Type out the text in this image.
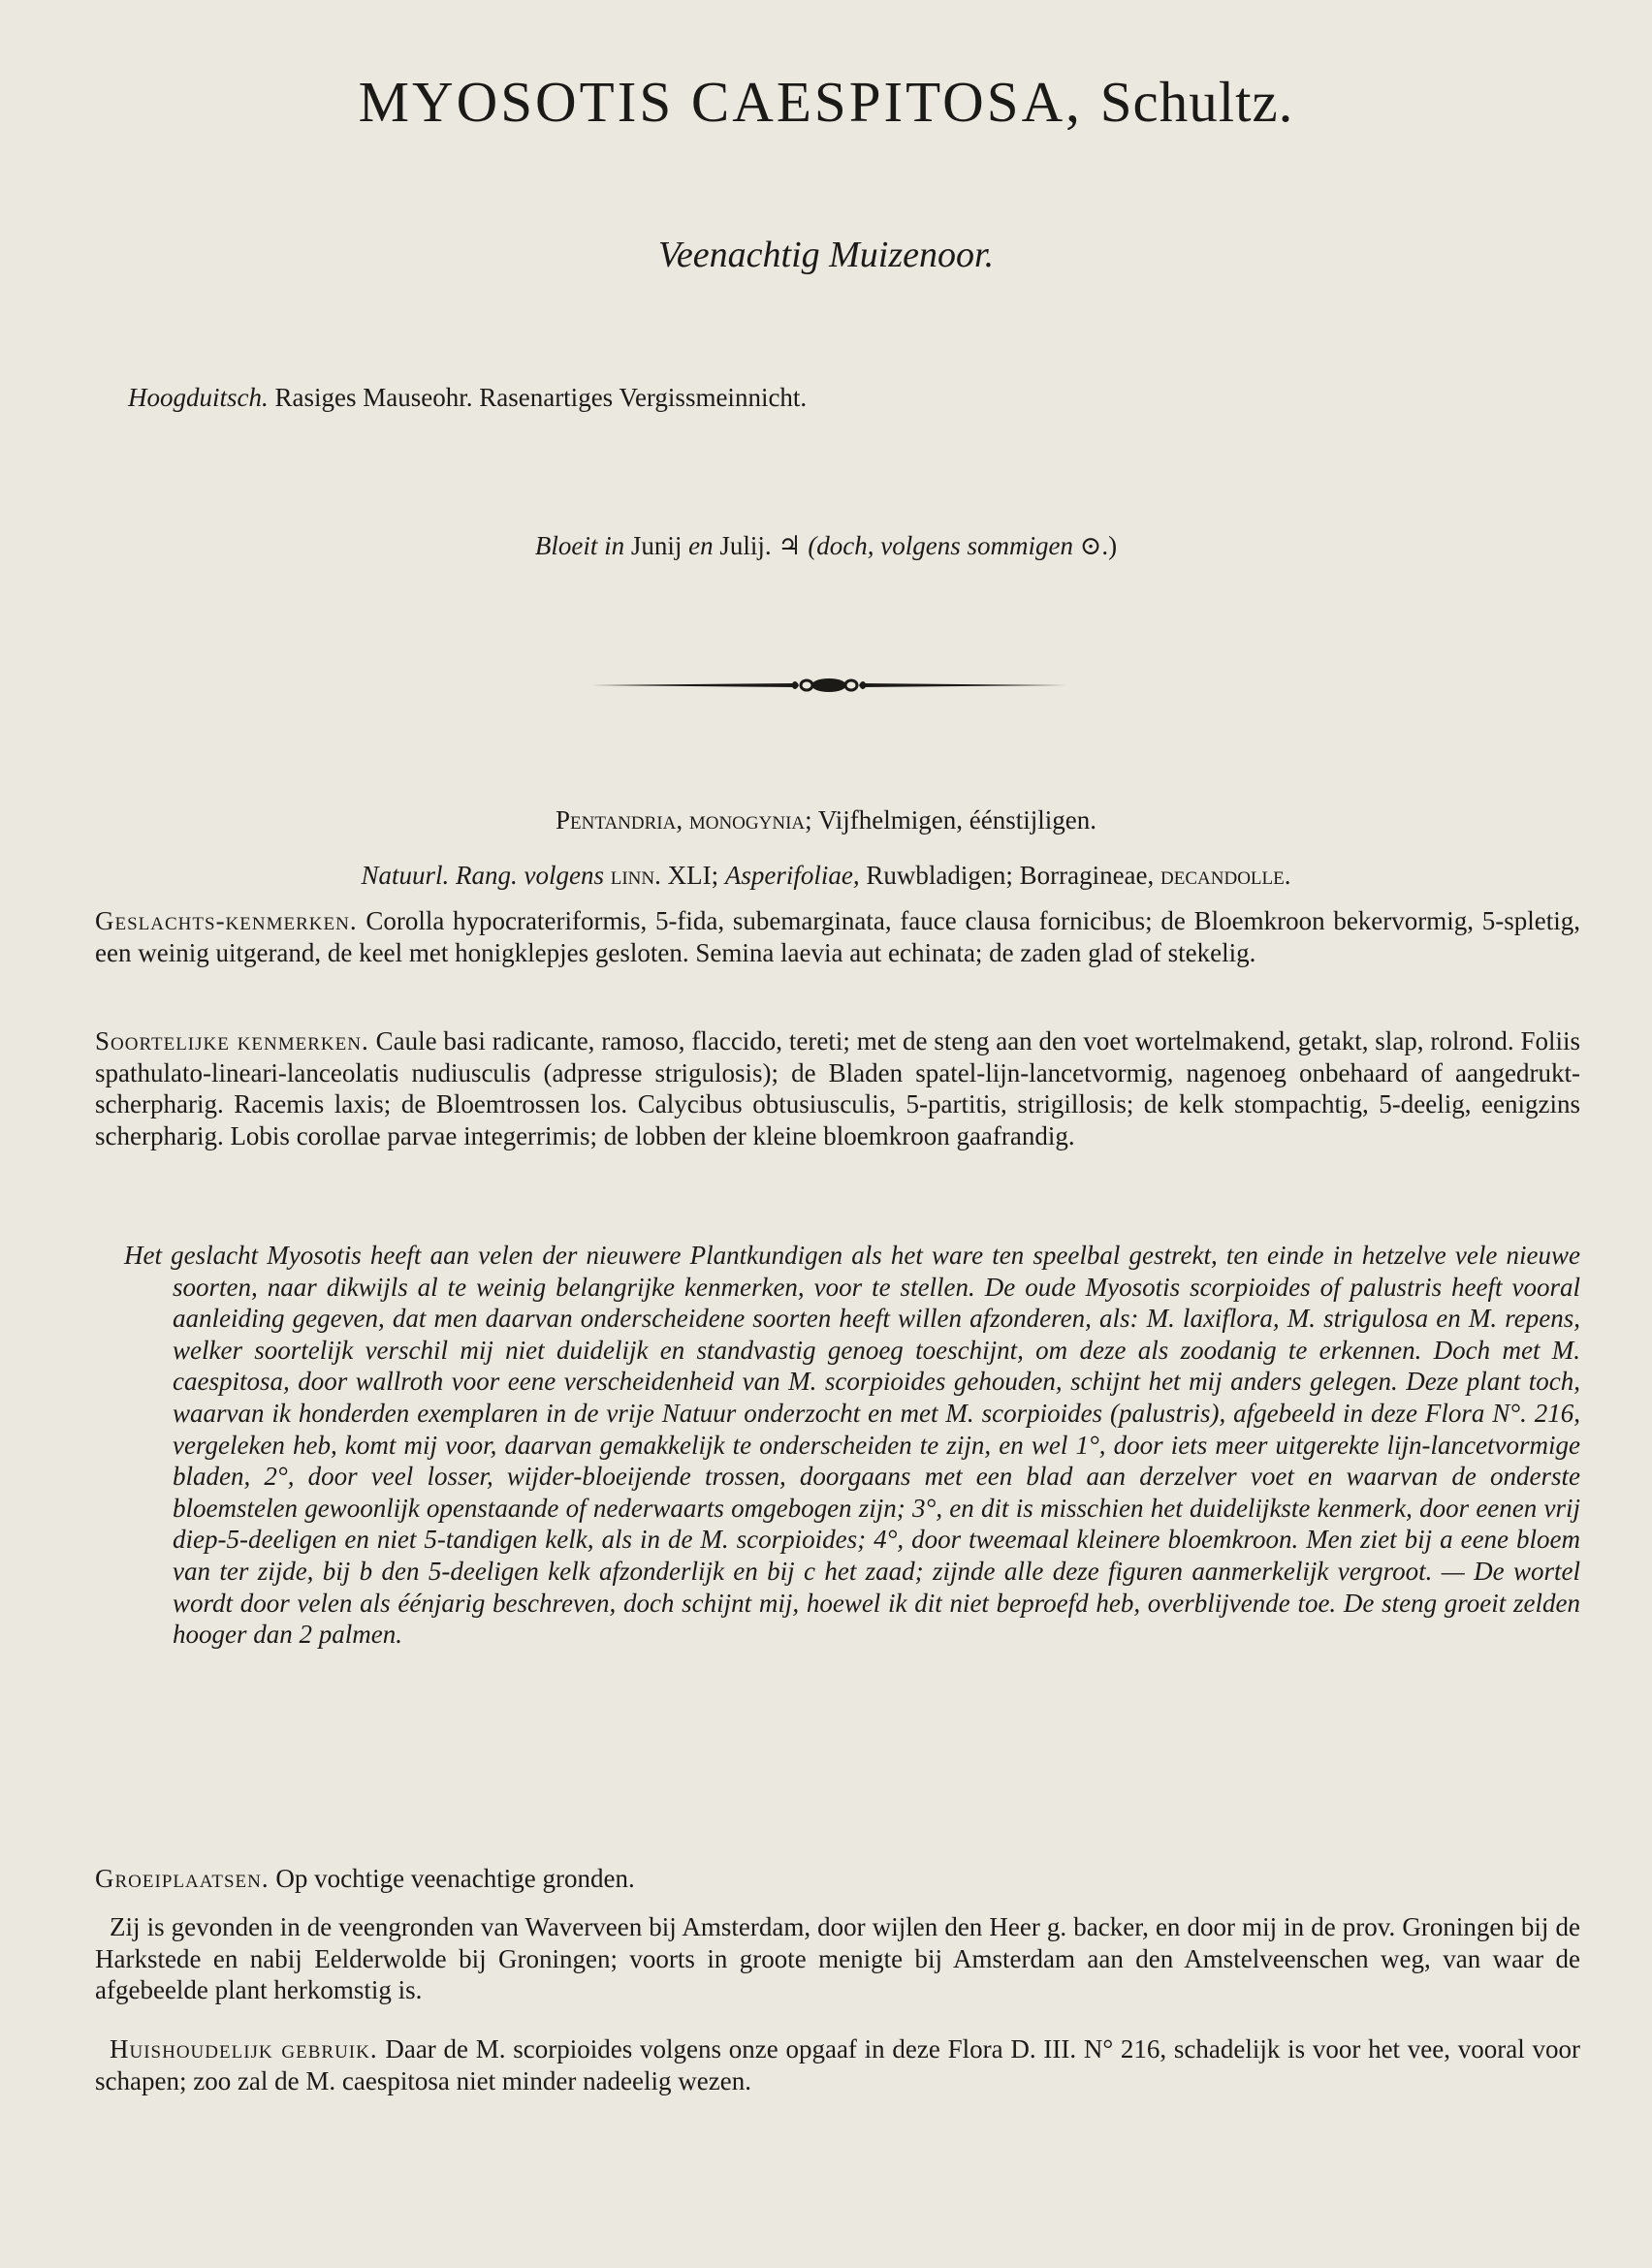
MYOSOTIS CAESPITOSA, Schultz.
Veenachtig Muizenoor.
Hoogduitsch. Rasiges Mauseohr. Rasenartiges Vergissmeinnicht.
Bloeit in Junij en Julij. ♃ (doch, volgens sommigen ⊙.)
Pentandria, monogynia; Vijfhelmigen, éénstijligen.
Natuurl. Rang. volgens linn. XLI; Asperifoliae, Ruwbladigen; Borragineae, decandolle.
Geslachts-kenmerken. Corolla hypocrateriformis, 5-fida, subemarginata, fauce clausa fornicibus; de Bloemkroon bekervormig, 5-spletig, een weinig uitgerand, de keel met honigklepjes gesloten. Semina laevia aut echinata; de zaden glad of stekelig.
Soortelijke kenmerken. Caule basi radicante, ramoso, flaccido, tereti; met de steng aan den voet wortelmakend, getakt, slap, rolrond. Foliis spathulato-lineari-lanceolatis nudiusculis (adpresse strigulosis); de Bladen spatel-lijn-lancetvormig, nagenoeg onbehaard of aangedrukt-scherpharig. Racemis laxis; de Bloemtrossen los. Calycibus obtusiusculis, 5-partitis, strigillosis; de kelk stompachtig, 5-deelig, eenigzins scherpharig. Lobis corollae parvae integerrimis; de lobben der kleine bloemkroon gaafrandig.
Het geslacht Myosotis heeft aan velen der nieuwere Plantkundigen als het ware ten speelbal gestrekt, ten einde in hetzelve vele nieuwe soorten, naar dikwijls al te weinig belangrijke kenmerken, voor te stellen. De oude Myosotis scorpioides of palustris heeft vooral aanleiding gegeven, dat men daarvan onderscheidene soorten heeft willen afzonderen, als: M. laxiflora, M. strigulosa en M. repens, welker soortelijk verschil mij niet duidelijk en standvastig genoeg toeschijnt, om deze als zoodanig te erkennen. Doch met M. caespitosa, door wallroth voor eene verscheidenheid van M. scorpioides gehouden, schijnt het mij anders gelegen. Deze plant toch, waarvan ik honderden exemplaren in de vrije Natuur onderzocht en met M. scorpioides (palustris), afgebeeld in deze Flora N°. 216, vergeleken heb, komt mij voor, daarvan gemakkelijk te onderscheiden te zijn, en wel 1°, door iets meer uitgerekte lijn-lancetvormige bladen, 2°, door veel losser, wijder-bloeijende trossen, doorgaans met een blad aan derzelver voet en waarvan de onderste bloemstelen gewoonlijk openstaande of nederwaarts omgebogen zijn; 3°, en dit is misschien het duidelijkste kenmerk, door eenen vrij diep-5-deeligen en niet 5-tandigen kelk, als in de M. scorpioides; 4°, door tweemaal kleinere bloemkroon. Men ziet bij a eene bloem van ter zijde, bij b den 5-deeligen kelk afzonderlijk en bij c het zaad; zijnde alle deze figuren aanmerkelijk vergroot. — De wortel wordt door velen als éénjarig beschreven, doch schijnt mij, hoewel ik dit niet beproefd heb, overblijvende toe. De steng groeit zelden hooger dan 2 palmen.
Groeiplaatsen. Op vochtige veenachtige gronden.
Zij is gevonden in de veengronden van Waverveen bij Amsterdam, door wijlen den Heer g. backer, en door mij in de prov. Groningen bij de Harkstede en nabij Eelderwolde bij Groningen; voorts in groote menigte bij Amsterdam aan den Amstelveenschen weg, van waar de afgebeelde plant herkomstig is.
Huishoudelijk gebruik. Daar de M. scorpioides volgens onze opgaaf in deze Flora D. III. N° 216, schadelijk is voor het vee, vooral voor schapen; zoo zal de M. caespitosa niet minder nadeelig wezen.
